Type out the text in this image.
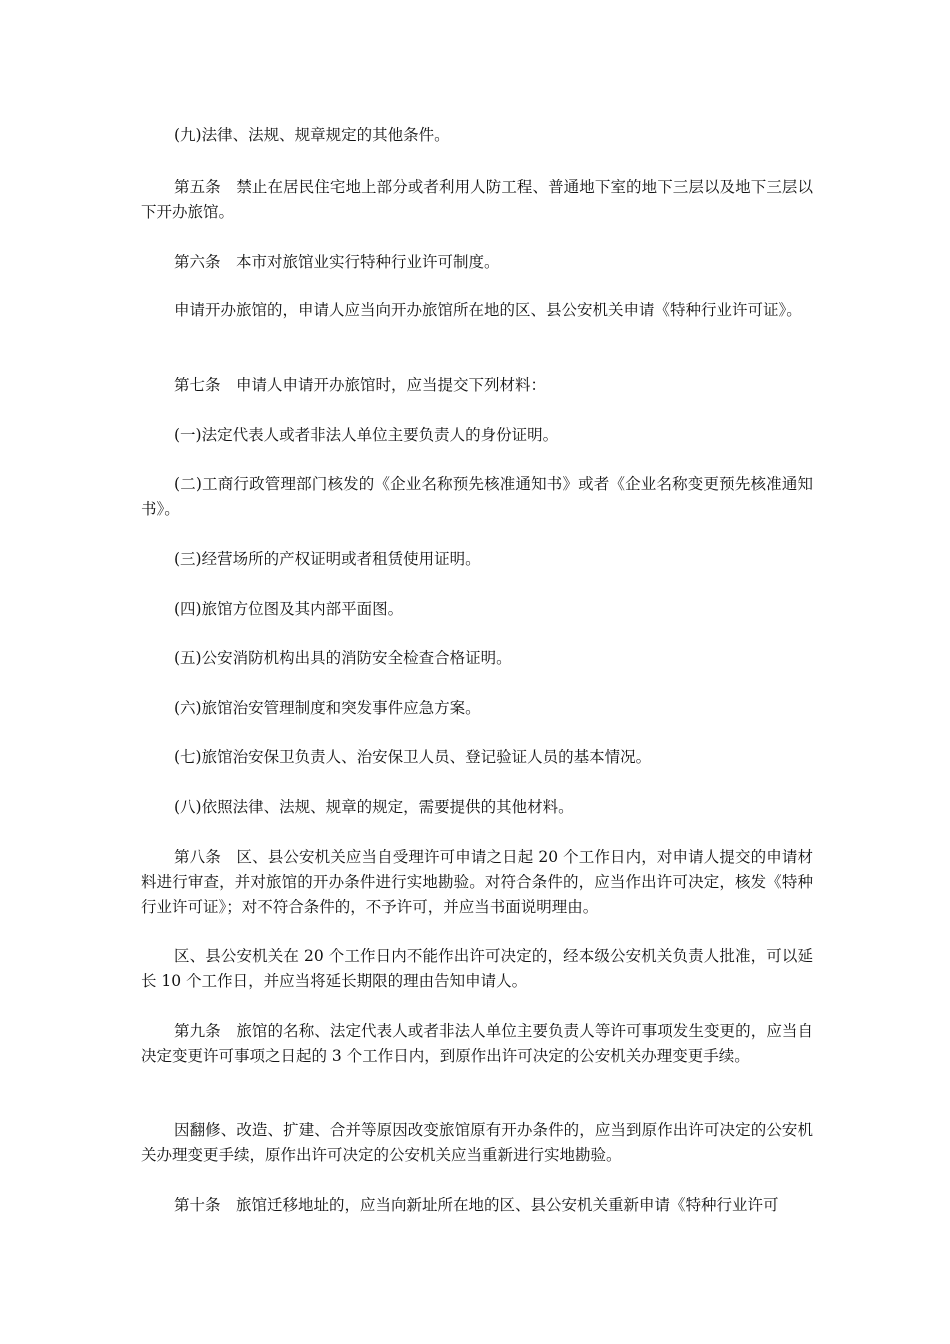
(九)法律、法规、规章规定的其他条件。

第五条　禁止在居民住宅地上部分或者利用人防工程、普通地下室的地下三层以及地下三层以下开办旅馆。

第六条　本市对旅馆业实行特种行业许可制度。

申请开办旅馆的，申请人应当向开办旅馆所在地的区、县公安机关申请《特种行业许可证》。

第七条　申请人申请开办旅馆时，应当提交下列材料：

(一)法定代表人或者非法人单位主要负责人的身份证明。

(二)工商行政管理部门核发的《企业名称预先核准通知书》或者《企业名称变更预先核准通知书》。

(三)经营场所的产权证明或者租赁使用证明。

(四)旅馆方位图及其内部平面图。

(五)公安消防机构出具的消防安全检查合格证明。

(六)旅馆治安管理制度和突发事件应急方案。

(七)旅馆治安保卫负责人、治安保卫人员、登记验证人员的基本情况。

(八)依照法律、法规、规章的规定，需要提供的其他材料。

第八条　区、县公安机关应当自受理许可申请之日起 20 个工作日内，对申请人提交的申请材料进行审查，并对旅馆的开办条件进行实地勘验。对符合条件的，应当作出许可决定，核发《特种行业许可证》；对不符合条件的，不予许可，并应当书面说明理由。

区、县公安机关在 20 个工作日内不能作出许可决定的，经本级公安机关负责人批准，可以延长 10 个工作日，并应当将延长期限的理由告知申请人。

第九条　旅馆的名称、法定代表人或者非法人单位主要负责人等许可事项发生变更的，应当自决定变更许可事项之日起的 3 个工作日内，到原作出许可决定的公安机关办理变更手续。

因翻修、改造、扩建、合并等原因改变旅馆原有开办条件的，应当到原作出许可决定的公安机关办理变更手续，原作出许可决定的公安机关应当重新进行实地勘验。

第十条　旅馆迁移地址的，应当向新址所在地的区、县公安机关重新申请《特种行业许可
